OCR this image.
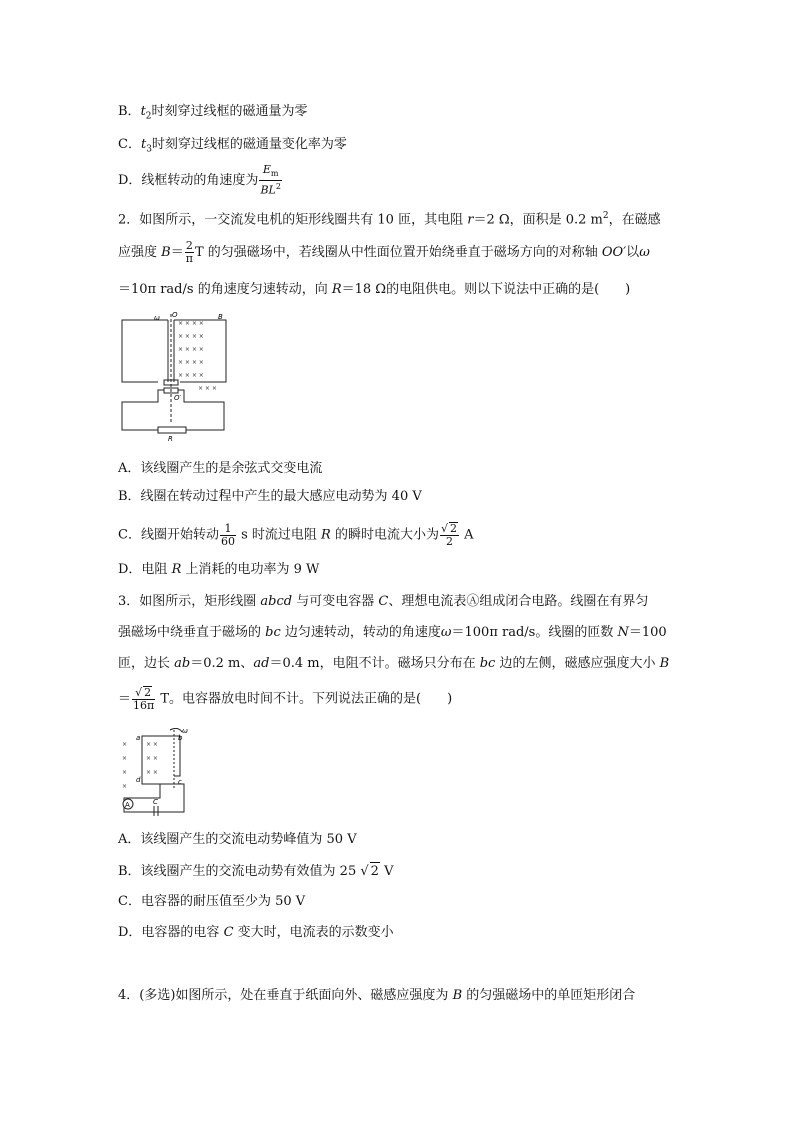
B．$t_2$时刻穿过线框的磁通量为零
C．$t_3$时刻穿过线框的磁通量变化率为零
D．线框转动的角速度为 $\frac{E_m}{BL^2}$
2．如图所示，一交流发电机的矩形线圈共有 10 匝，其电阻 r＝2 Ω，面积是 0.2 $m^2$，在磁感
应强度 $B= \frac{2}{\pi}$ T 的匀强磁场中，若线圈从中性面位置开始绕垂直于磁场方向的对称轴 OO′以ω
＝10π rad/s 的角速度匀速转动，向 R＝18 Ω的电阻供电。则以下说法中正确的是(　　)
× × × ×
× × × ×
× × × ×
× × × ×
× × × ×
× × ×
ω O
O′
B
R
A．该线圈产生的是余弦式交变电流
B．线圈在转动过程中产生的最大感应电动势为 40 V
C．线圈开始转动 $\frac{1}{60}$ s 时流过电阻 R 的瞬时电流大小为 $\frac{√ 2}{2}$ A
D．电阻 R 上消耗的电功率为 9 W
3．如图所示，矩形线圈 abcd 与可变电容器 C、理想电流表Ⓐ组成闭合电路。线圈在有界匀
强磁场中绕垂直于磁场的 bc 边匀速转动，转动的角速度ω＝100π rad/s。线圈的匝数 N＝100
匝，边长 ab＝0.2 m、ad＝0.4 m，电阻不计。磁场只分布在 bc 边的左侧，磁感应强度大小 B
＝ $\frac{√ 2}{16\pi}$ T。电容器放电时间不计。下列说法正确的是(　　)
×	× ×
×	× ×
×	× ×
×
ω
a	b
c
d
A	C
A．该线圈产生的交流电动势峰值为 50 V
B．该线圈产生的交流电动势有效值为 25 √ 2 V
C．电容器的耐压值至少为 50 V
D．电容器的电容 C 变大时，电流表的示数变小
4．(多选)如图所示，处在垂直于纸面向外、磁感应强度为 B 的匀强磁场中的单匝矩形闭合
